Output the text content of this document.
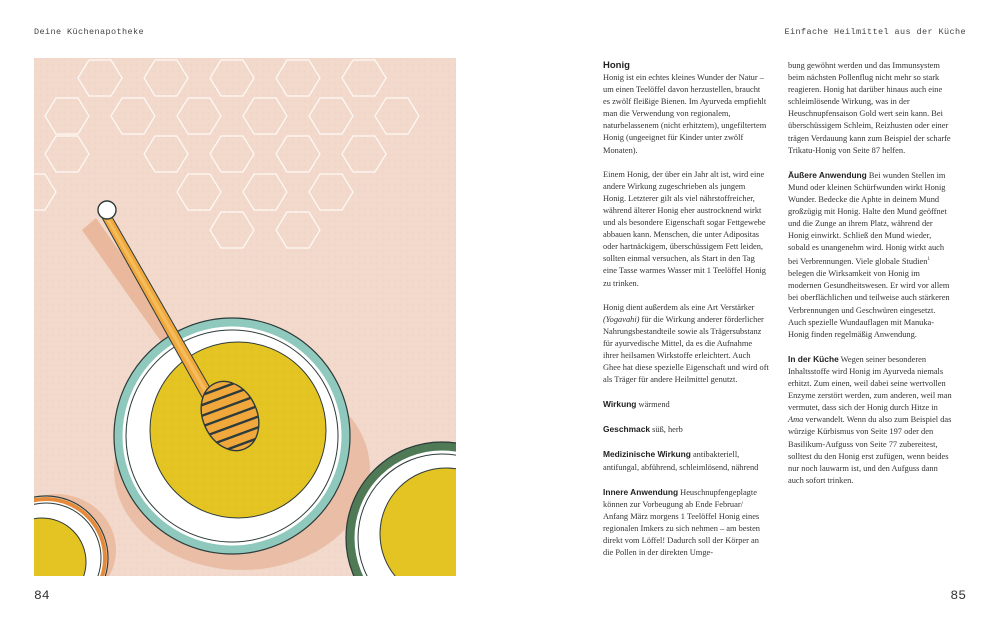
Deine Küchenapotheke	Einfache Heilmittel aus der Küche
84	85

Honig
Honig ist ein echtes kleines Wunder der Natur – um einen Teelöffel davon herzustellen, braucht es zwölf fleißige Bienen. Im Ayurveda empfiehlt man die Verwendung von regionalem, naturbelassenem (nicht erhitztem), ungefiltertem Honig (ungeeignet für Kinder unter zwölf Monaten).

Einem Honig, der über ein Jahr alt ist, wird eine andere Wirkung zugeschrieben als jungem Honig. Letzterer gilt als viel nährstoffreicher, während älterer Honig eher austrocknend wirkt und als besondere Eigenschaft sogar Fettgewebe abbauen kann. Menschen, die unter Adipositas oder hartnäckigem, überschüssigem Fett leiden, sollten einmal versuchen, als Start in den Tag eine Tasse warmes Wasser mit 1 Teelöffel Honig zu trinken.

Honig dient außerdem als eine Art Verstärker (Yogavahi) für die Wirkung anderer förderlicher Nahrungsbestandteile sowie als Trägersubstanz für ayurvedische Mittel, da es die Aufnahme ihrer heilsamen Wirkstoffe erleichtert. Auch Ghee hat diese spezielle Eigenschaft und wird oft als Träger für andere Heilmittel genutzt.

Wirkung wärmend

Geschmack süß, herb

Medizinische Wirkung antibakteriell, antifungal, abführend, schleimlösend, nährend

Innere Anwendung Heuschnupfengeplagte können zur Vorbeugung ab Ende Februar/ Anfang März morgens 1 Teelöffel Honig eines regionalen Imkers zu sich nehmen – am besten direkt vom Löffel! Dadurch soll der Körper an die Pollen in der direkten Umge-

bung gewöhnt werden und das Immunsystem beim nächsten Pollenflug nicht mehr so stark reagieren. Honig hat darüber hinaus auch eine schleimlösende Wirkung, was in der Heuschnupfensaison Gold wert sein kann. Bei überschüssigem Schleim, Reizhusten oder einer trägen Verdauung kann zum Beispiel der scharfe Trikatu-Honig von Seite 87 helfen.

Äußere Anwendung Bei wunden Stellen im Mund oder kleinen Schürfwunden wirkt Honig Wunder. Bedecke die Aphte in deinem Mund großzügig mit Honig. Halte den Mund geöffnet und die Zunge an ihrem Platz, während der Honig einwirkt. Schließ den Mund wieder, sobald es unangenehm wird. Honig wirkt auch bei Verbrennungen. Viele globale Studien$^1$ belegen die Wirksamkeit von Honig im modernen Gesundheitswesen. Er wird vor allem bei oberflächlichen und teilweise auch stärkeren Verbrennungen und Geschwüren eingesetzt. Auch spezielle Wundauflagen mit Manuka-Honig finden regelmäßig Anwendung.

In der Küche Wegen seiner besonderen Inhaltsstoffe wird Honig im Ayurveda niemals erhitzt. Zum einen, weil dabei seine wertvollen Enzyme zerstört werden, zum anderen, weil man vermutet, dass sich der Honig durch Hitze in Ama verwandelt. Wenn du also zum Beispiel das würzige Kürbismus von Seite 197 oder den Basilikum-Aufguss von Seite 77 zubereitest, solltest du den Honig erst zufügen, wenn beides nur noch lauwarm ist, und den Aufguss dann auch sofort trinken.
